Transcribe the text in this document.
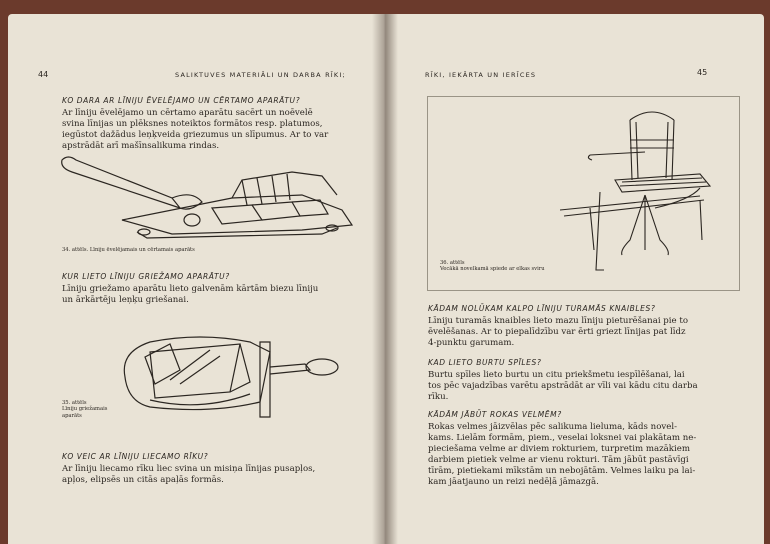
44	SALIKTUVES MATERIĀLI UN DARBA RĪKI;
KO DARA AR LĪNIJU ĒVELĒJAMO UN CĒRTAMO APARĀTU?
Ar līniju ēvelējamo un cērtamo aparātu sacērt un noēvelē
svina līnijas un plēksnes noteiktos formātos resp. platumos,
iegūstot dažādus leņķveida griezumus un slīpumus. Ar to var
apstrādāt arī mašīnsalikuma rindas.
34. attēls. Līniju ēvelējamais un cērtamais aparāts
KUR LIETO LĪNIJU GRIEŽAMO APARĀTU?
Līniju griežamo aparātu lieto galvenām kārtām biezu līniju
un ārkārtēju leņķu griešanai.
35. attēls
Līniju griežamais
aparāts
KO VEIC AR LĪNIJU LIECAMO RĪKU?
Ar līniju liecamo rīku liec svina un misiņa līnijas pusapļos,
apļos, elipsēs un citās apaļās formās.
RĪKI, IEKĀRTA UN IERĪCES	45
36. attēls
Vecākā novelkamā spiede ar elkas sviru
KĀDAM NOLŪKAM KALPO LĪNIJU TURAMĀS KNAIBLES?
Līniju turamās knaibles lieto mazu līniju pieturēšanai pie to
ēvelēšanas. Ar to piepalīdzību var ērti griezt līnijas pat līdz
4-punktu garumam.
KAD LIETO BURTU SPĪLES?
Burtu spīles lieto burtu un citu priekšmetu iespīlēšanai, lai
tos pēc vajadzības varētu apstrādāt ar vīli vai kādu citu darba
rīku.
KĀDĀM JĀBŪT ROKAS VELMĒM?
Rokas velmes jāizvēlas pēc salikuma lieluma, kāds novel-
kams. Lielām formām, piem., veselai loksnei vai plakātam ne-
pieciešama velme ar diviem rokturiem, turpretim mazākiem
darbiem pietiek velme ar vienu rokturi. Tām jābūt pastāvīgi
tīrām, pietiekami mīkstām un nebojātām. Velmes laiku pa lai-
kam jāatjauno un reizi nedēļā jāmazgā.
